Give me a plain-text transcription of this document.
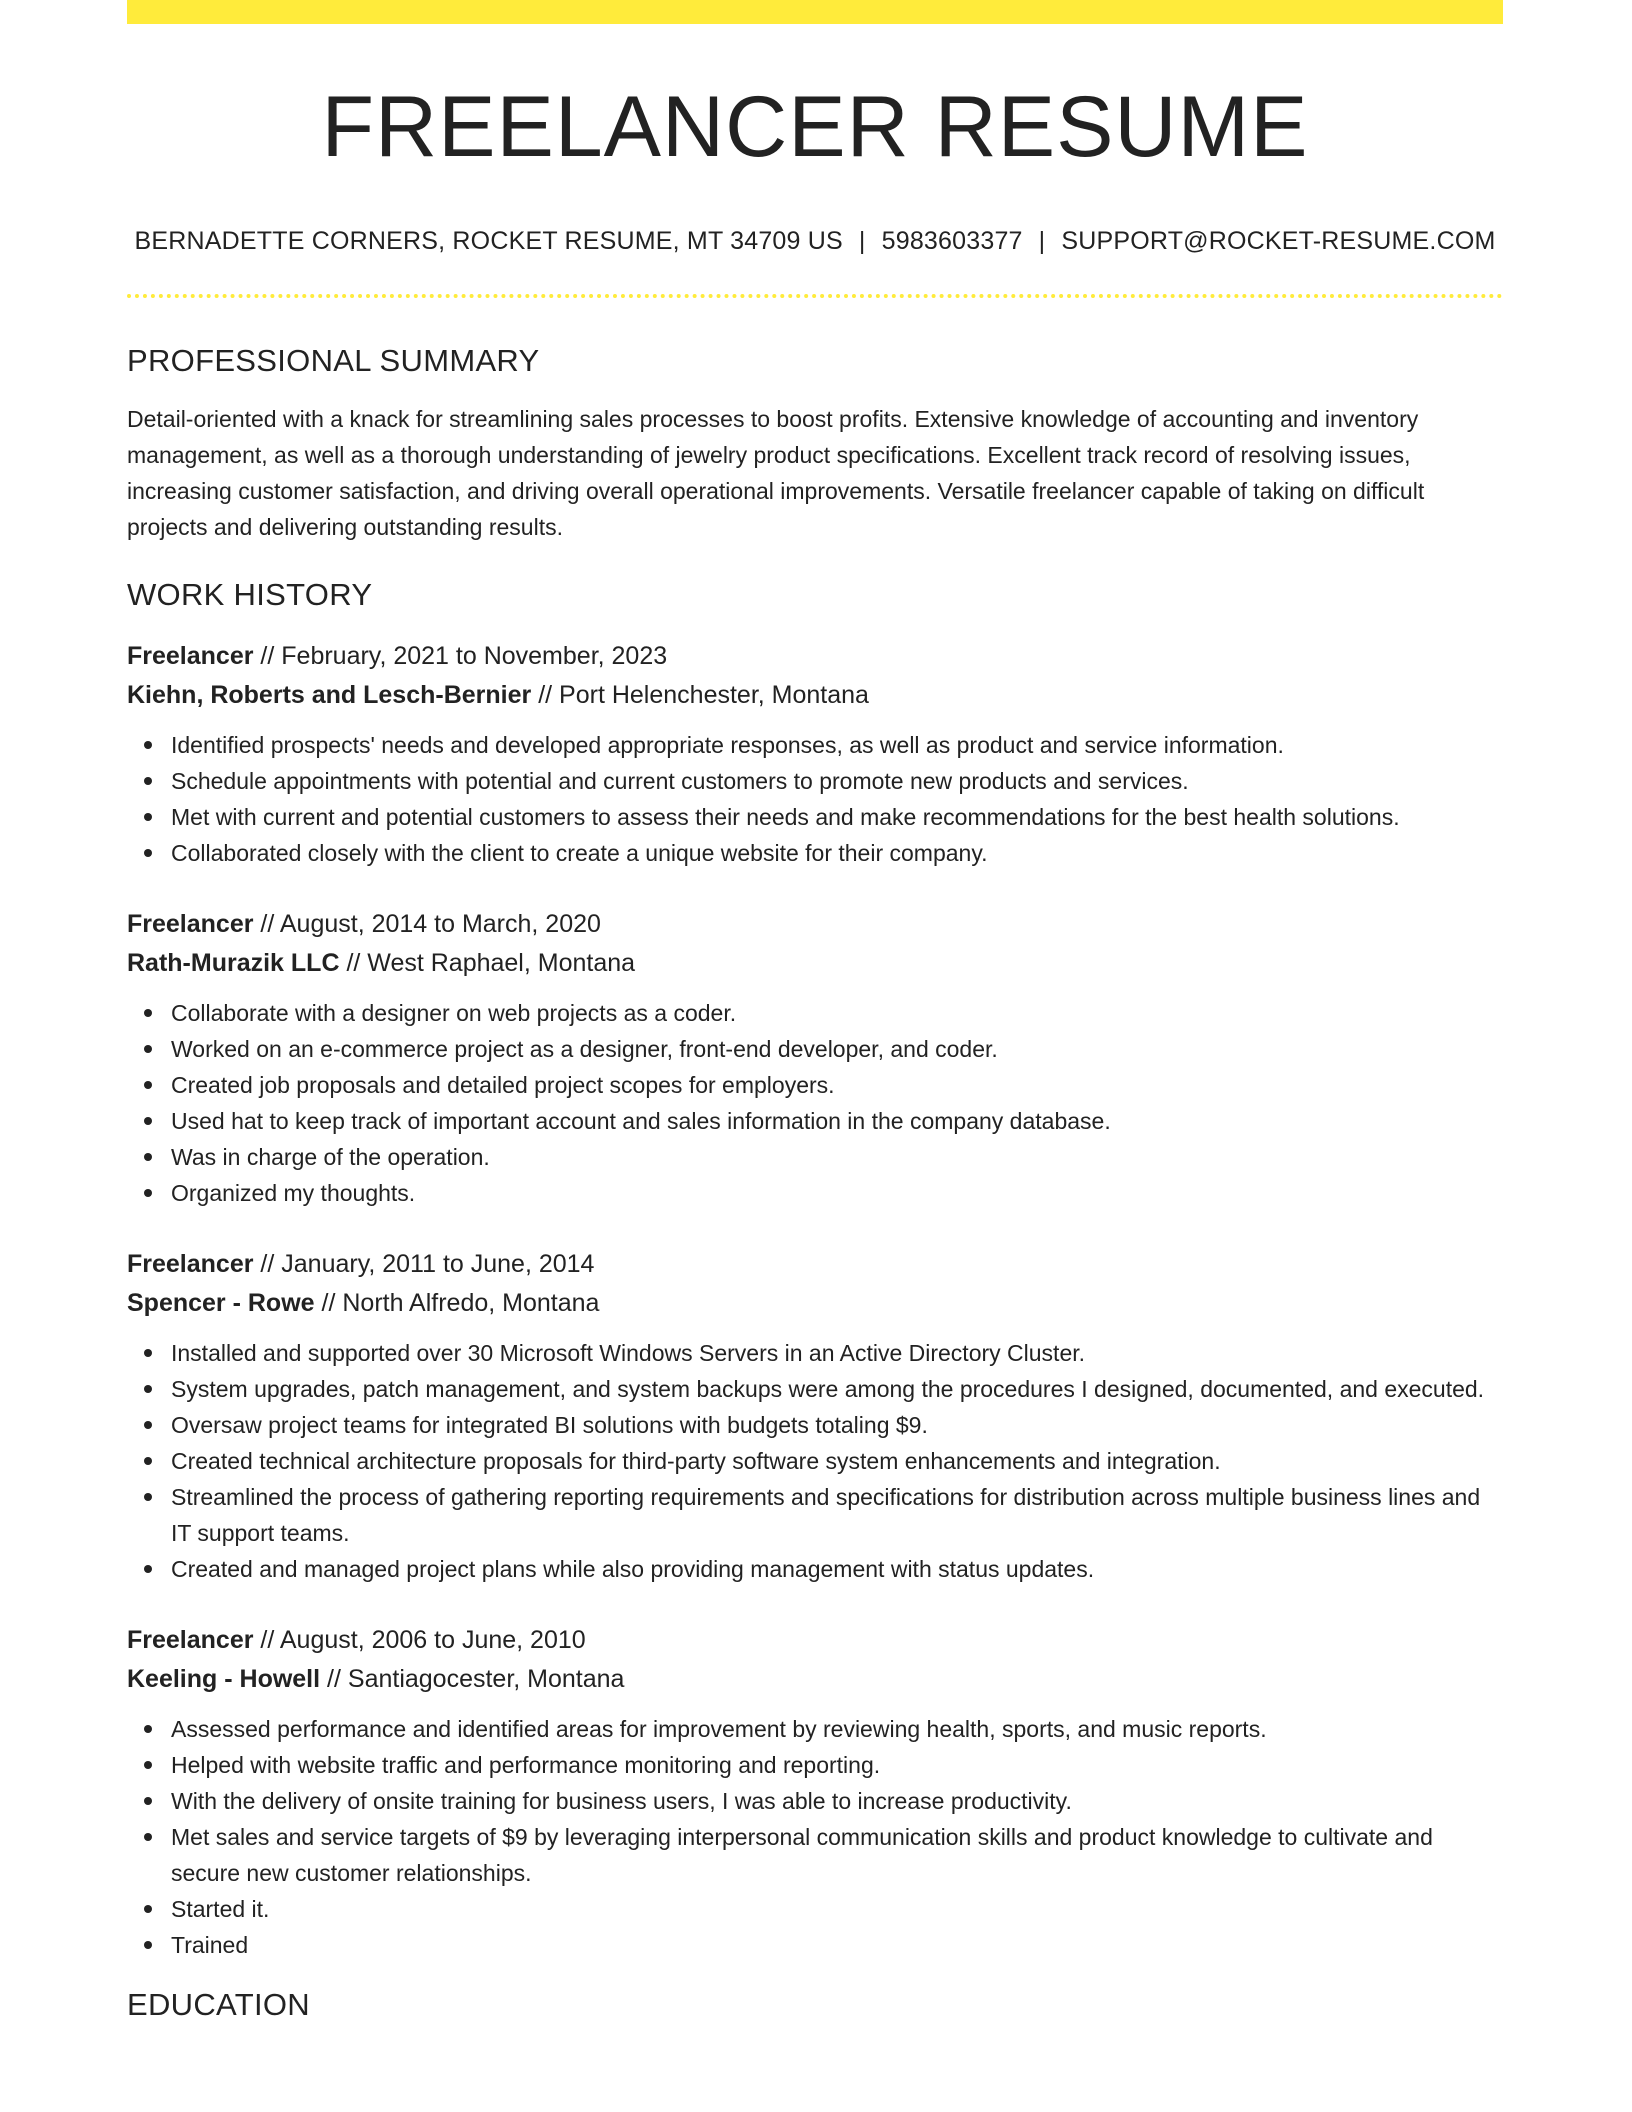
FREELANCER RESUME
BERNADETTE CORNERS, ROCKET RESUME, MT 34709 US | 5983603377 | SUPPORT@ROCKET-RESUME.COM
PROFESSIONAL SUMMARY

Detail-oriented with a knack for streamlining sales processes to boost profits. Extensive knowledge of accounting and inventory management, as well as a thorough understanding of jewelry product specifications. Excellent track record of resolving issues, increasing customer satisfaction, and driving overall operational improvements. Versatile freelancer capable of taking on difficult projects and delivering outstanding results.

WORK HISTORY
Freelancer // February, 2021 to November, 2023
Kiehn, Roberts and Lesch-Bernier // Port Helenchester, Montana
Identified prospects' needs and developed appropriate responses, as well as product and service information.
Schedule appointments with potential and current customers to promote new products and services.
Met with current and potential customers to assess their needs and make recommendations for the best health solutions.
Collaborated closely with the client to create a unique website for their company.
Freelancer // August, 2014 to March, 2020
Rath-Murazik LLC // West Raphael, Montana
Collaborate with a designer on web projects as a coder.
Worked on an e-commerce project as a designer, front-end developer, and coder.
Created job proposals and detailed project scopes for employers.
Used hat to keep track of important account and sales information in the company database.
Was in charge of the operation.
Organized my thoughts.
Freelancer // January, 2011 to June, 2014
Spencer - Rowe // North Alfredo, Montana
Installed and supported over 30 Microsoft Windows Servers in an Active Directory Cluster.
System upgrades, patch management, and system backups were among the procedures I designed, documented, and executed.
Oversaw project teams for integrated BI solutions with budgets totaling $9.
Created technical architecture proposals for third-party software system enhancements and integration.
Streamlined the process of gathering reporting requirements and specifications for distribution across multiple business lines and IT support teams.
Created and managed project plans while also providing management with status updates.
Freelancer // August, 2006 to June, 2010
Keeling - Howell // Santiagocester, Montana
Assessed performance and identified areas for improvement by reviewing health, sports, and music reports.
Helped with website traffic and performance monitoring and reporting.
With the delivery of onsite training for business users, I was able to increase productivity.
Met sales and service targets of $9 by leveraging interpersonal communication skills and product knowledge to cultivate and secure new customer relationships.
Started it.
Trained
EDUCATION
